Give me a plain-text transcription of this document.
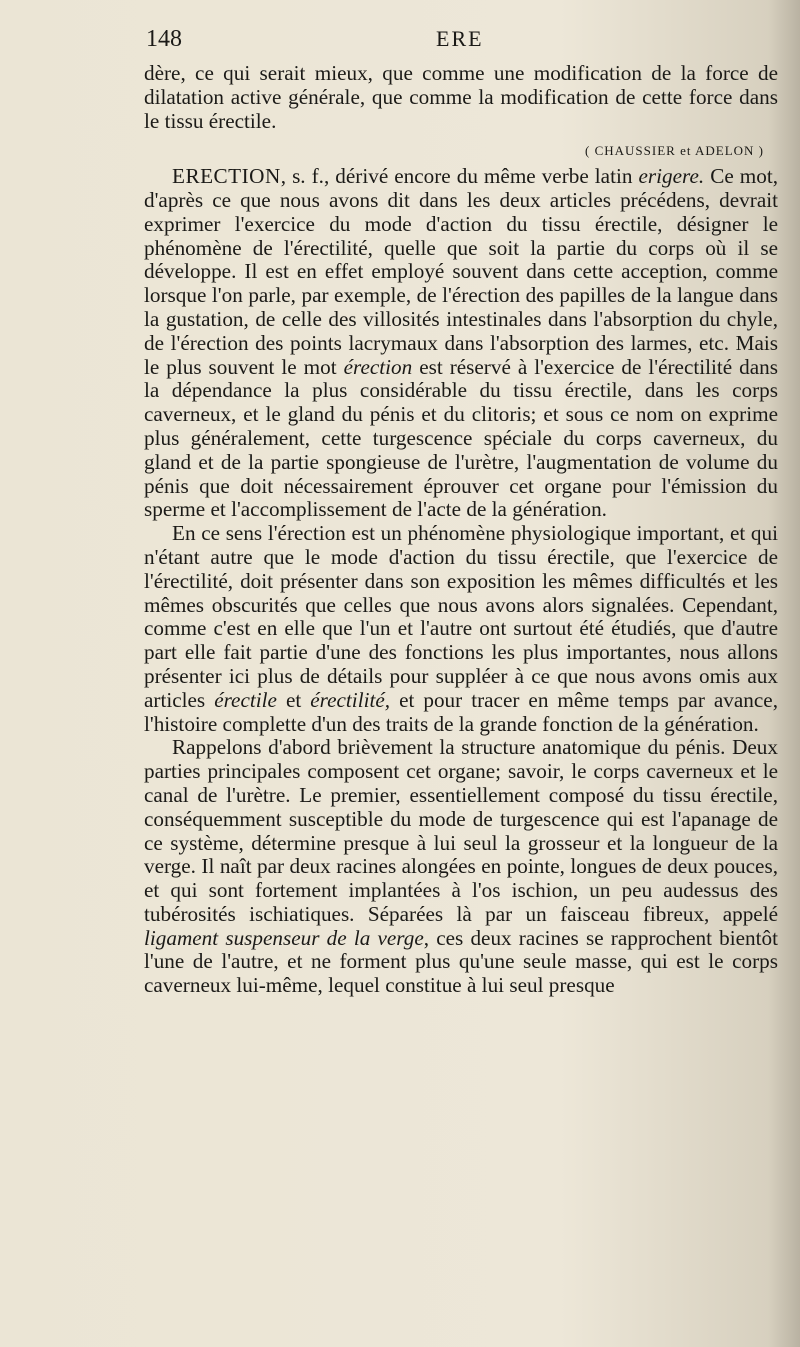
148	ERE

dère, ce qui serait mieux, que comme une modification de la force de dilatation active générale, que comme la modification de cette force dans le tissu érectile.

( CHAUSSIER et ADELON )

ERECTION, s. f., dérivé encore du même verbe latin erigere. Ce mot, d'après ce que nous avons dit dans les deux articles précédens, devrait exprimer l'exercice du mode d'action du tissu érectile, désigner le phénomène de l'érectilité, quelle que soit la partie du corps où il se développe. Il est en effet employé souvent dans cette acception, comme lorsque l'on parle, par exemple, de l'érection des papilles de la langue dans la gustation, de celle des villosités intestinales dans l'absorption du chyle, de l'érection des points lacrymaux dans l'absorption des larmes, etc. Mais le plus souvent le mot érection est réservé à l'exercice de l'érectilité dans la dépendance la plus considérable du tissu érectile, dans les corps caverneux, et le gland du pénis et du clitoris; et sous ce nom on exprime plus généralement, cette turgescence spéciale du corps caverneux, du gland et de la partie spongieuse de l'urètre, l'augmentation de volume du pénis que doit nécessairement éprouver cet organe pour l'émission du sperme et l'accomplissement de l'acte de la génération.

En ce sens l'érection est un phénomène physiologique important, et qui n'étant autre que le mode d'action du tissu érectile, que l'exercice de l'érectilité, doit présenter dans son exposition les mêmes difficultés et les mêmes obscurités que celles que nous avons alors signalées. Cependant, comme c'est en elle que l'un et l'autre ont surtout été étudiés, que d'autre part elle fait partie d'une des fonctions les plus importantes, nous allons présenter ici plus de détails pour suppléer à ce que nous avons omis aux articles érectile et érectilité, et pour tracer en même temps par avance, l'histoire complette d'un des traits de la grande fonction de la génération.

Rappelons d'abord brièvement la structure anatomique du pénis. Deux parties principales composent cet organe; savoir, le corps caverneux et le canal de l'urètre. Le premier, essentiellement composé du tissu érectile, conséquemment susceptible du mode de turgescence qui est l'apanage de ce système, détermine presque à lui seul la grosseur et la longueur de la verge. Il naît par deux racines alongées en pointe, longues de deux pouces, et qui sont fortement implantées à l'os ischion, un peu audessus des tubérosités ischiatiques. Séparées là par un faisceau fibreux, appelé ligament suspenseur de la verge, ces deux racines se rapprochent bientôt l'une de l'autre, et ne forment plus qu'une seule masse, qui est le corps caverneux lui-même, lequel constitue à lui seul presque
